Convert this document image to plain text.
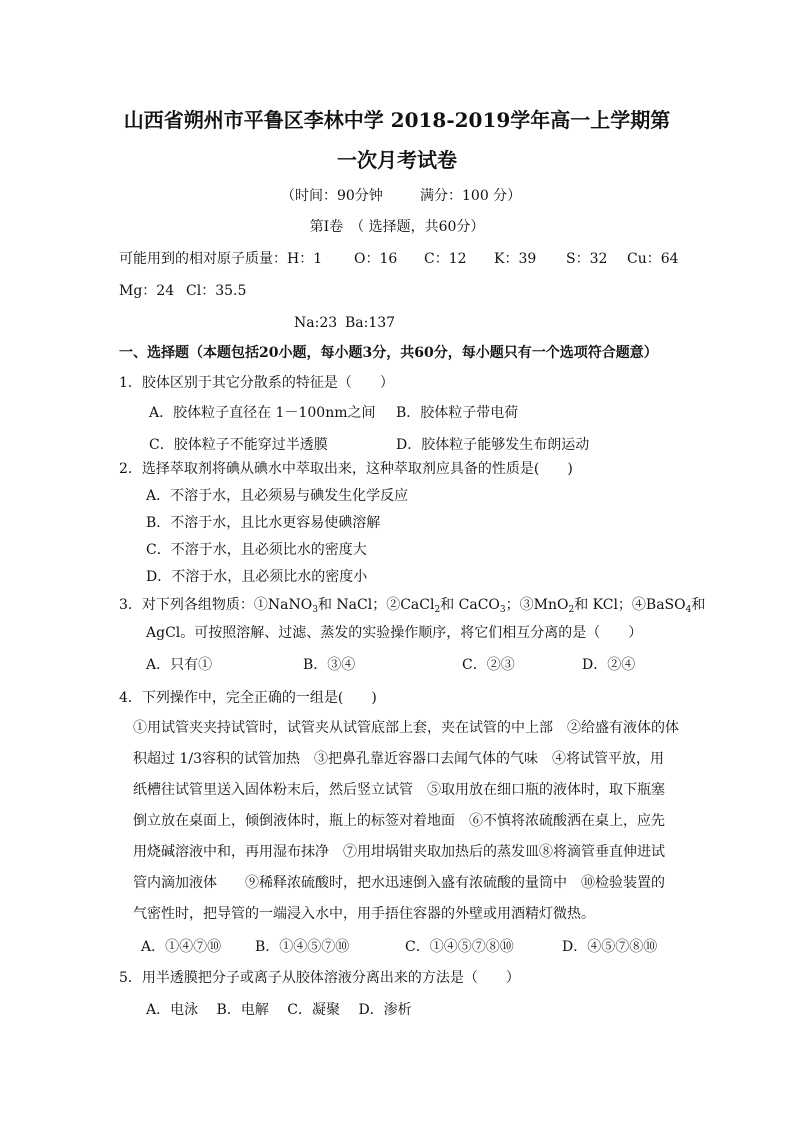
山西省朔州市平鲁区李林中学 2018-2019学年高一上学期第
一次月考试卷
（时间：90分钟	满分：100 分）
第Ⅰ卷　（ 选择题，共60分）
可能用到的相对原子质量： H：1 O：16 C：12 K：39 S：32 Cu：64
Mg：24 Cl：35.5
Na:23 Ba:137
一、选择题（本题包括20小题，每小题3分，共60分，每小题只有一个选项符合题意）
1．胶体区别于其它分散系的特征是（　　）
A．胶体粒子直径在 1－100nm之间 B．胶体粒子带电荷
C．胶体粒子不能穿过半透膜	D．胶体粒子能够发生布朗运动
2．选择萃取剂将碘从碘水中萃取出来，这种萃取剂应具备的性质是(　　)
A．不溶于水，且必须易与碘发生化学反应
B．不溶于水，且比水更容易使碘溶解
C．不溶于水，且必须比水的密度大
D．不溶于水，且必须比水的密度小
3．对下列各组物质：①NaNO$_3$和 NaCl；②CaCl$_2$和 CaCO$_3$；③MnO$_2$和 KCl；④BaSO$_4$和
AgCl。可按照溶解、过滤、蒸发的实验操作顺序，将它们相互分离的是（　　）
A．只有①	B．③④	C．②③	D．②④
4．下列操作中，完全正确的一组是(　　)
①用试管夹夹持试管时，试管夹从试管底部上套，夹在试管的中上部　②给盛有液体的体
积超过 1/3容积的试管加热　③把鼻孔靠近容器口去闻气体的气味　④将试管平放，用
纸槽往试管里送入固体粉末后，然后竖立试管　⑤取用放在细口瓶的液体时，取下瓶塞
倒立放在桌面上，倾倒液体时，瓶上的标签对着地面　⑥不慎将浓硫酸洒在桌上，应先
用烧碱溶液中和，再用湿布抹净　⑦用坩埚钳夹取加热后的蒸发皿⑧将滴管垂直伸进试
管内滴加液体　　⑨稀释浓硫酸时，把水迅速倒入盛有浓硫酸的量筒中　⑩检验装置的
气密性时，把导管的一端浸入水中，用手捂住容器的外壁或用酒精灯微热。
A．①④⑦⑩ B．①④⑤⑦⑩	C．①④⑤⑦⑧⑩	D．④⑤⑦⑧⑩
5．用半透膜把分子或离子从胶体溶液分离出来的方法是（　　）
A．电泳　 B．电解　 C．凝聚　 D．渗析
